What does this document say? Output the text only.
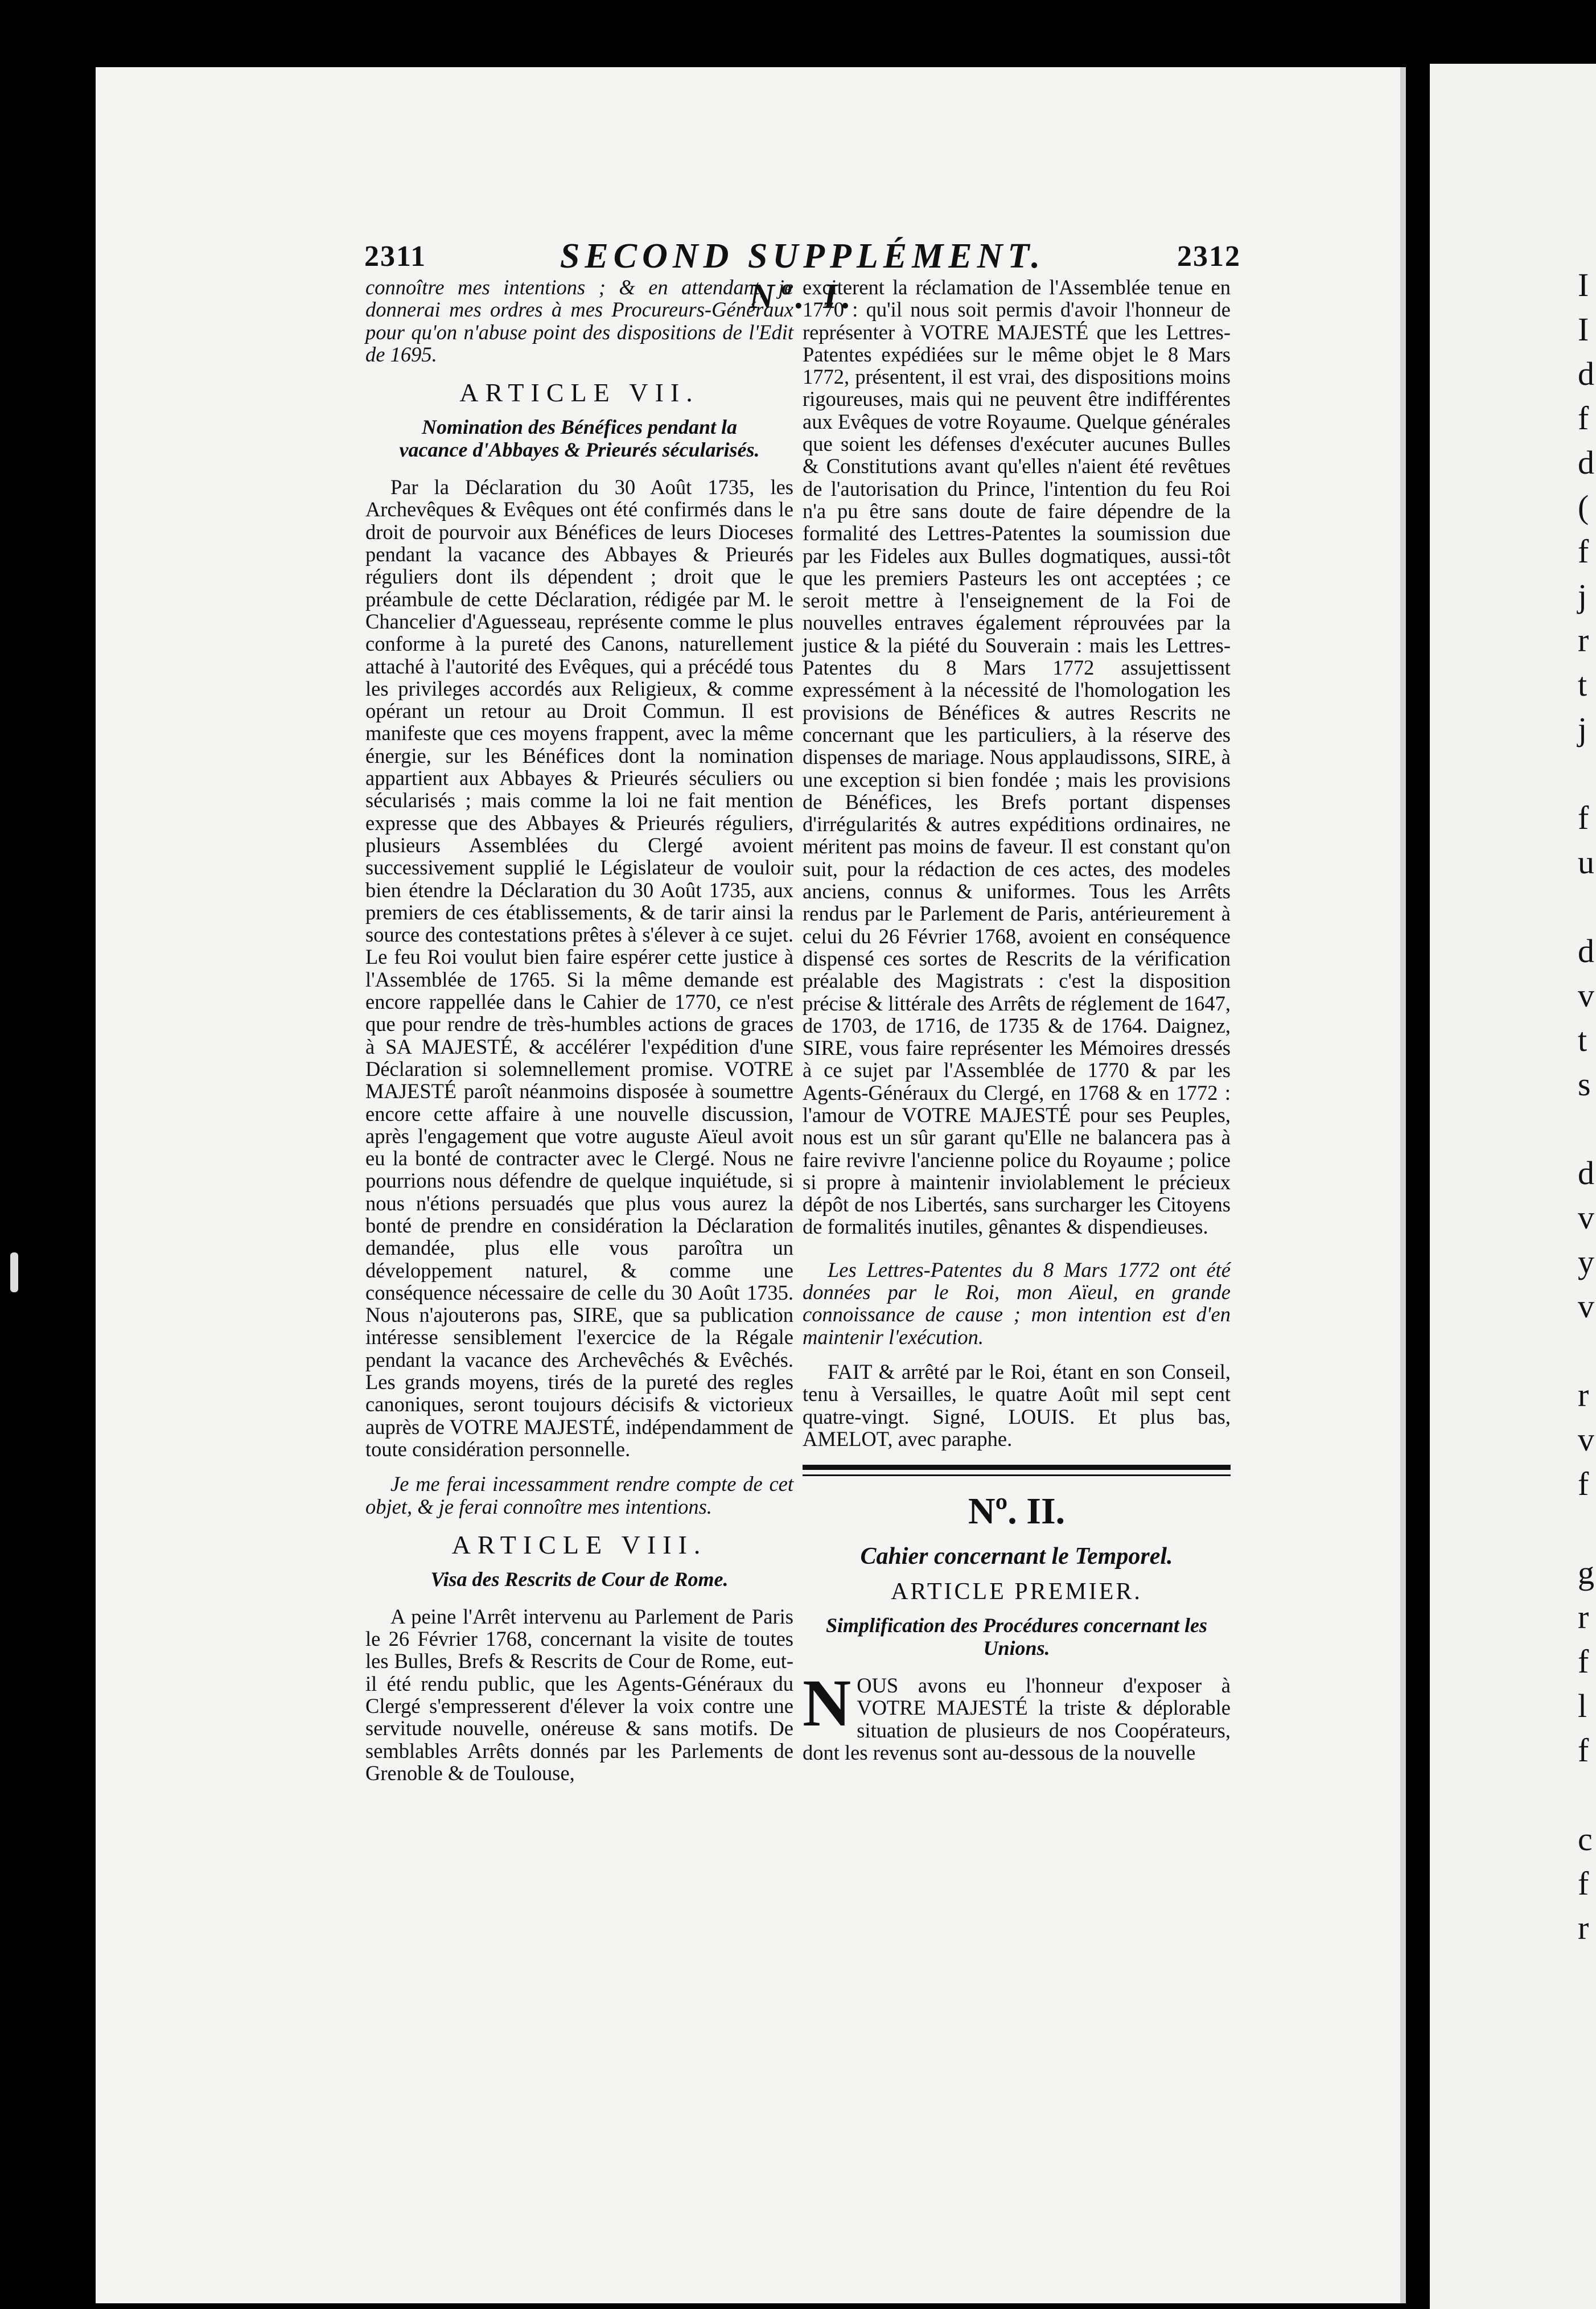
I
I
d
f
d
(
f
j
r
t
j

f
u

d
v
t
s

d
v
y
v

r
v
f

g
r
f
l
f

c
f
r
2311	SECOND SUPPLÉMENT. Nº. I.
2312

connoître mes intentions ; & en attendant, je donnerai mes ordres à mes Procureurs-Généraux pour qu'on n'abuse point des dispositions de l'Edit de 1695.

ARTICLE VII.
Nomination des Bénéfices pendant la vacance d'Abbayes & Prieurés sécularisés.

Par la Déclaration du 30 Août 1735, les Archevêques & Evêques ont été confirmés dans le droit de pourvoir aux Bénéfices de leurs Dioceses pendant la vacance des Abbayes & Prieurés réguliers dont ils dépendent ; droit que le préambule de cette Déclaration, rédigée par M. le Chancelier d'Aguesseau, représente comme le plus conforme à la pureté des Canons, naturellement attaché à l'autorité des Evêques, qui a précédé tous les privileges accordés aux Religieux, & comme opérant un retour au Droit Commun. Il est manifeste que ces moyens frappent, avec la même énergie, sur les Bénéfices dont la nomination appartient aux Abbayes & Prieurés séculiers ou sécularisés ; mais comme la loi ne fait mention expresse que des Abbayes & Prieurés réguliers, plusieurs Assemblées du Clergé avoient successivement supplié le Législateur de vouloir bien étendre la Déclaration du 30 Août 1735, aux premiers de ces établissements, & de tarir ainsi la source des contestations prêtes à s'élever à ce sujet. Le feu Roi voulut bien faire espérer cette justice à l'Assemblée de 1765. Si la même demande est encore rappellée dans le Cahier de 1770, ce n'est que pour rendre de très-humbles actions de graces à SA MAJESTÉ, & accélérer l'expédition d'une Déclaration si solemnellement promise. VOTRE MAJESTÉ paroît néanmoins disposée à soumettre encore cette affaire à une nouvelle discussion, après l'engagement que votre auguste Aïeul avoit eu la bonté de contracter avec le Clergé. Nous ne pourrions nous défendre de quelque inquiétude, si nous n'étions persuadés que plus vous aurez la bonté de prendre en considération la Déclaration demandée, plus elle vous paroîtra un développement naturel, & comme une conséquence nécessaire de celle du 30 Août 1735. Nous n'ajouterons pas, SIRE, que sa publication intéresse sensiblement l'exercice de la Régale pendant la vacance des Archevêchés & Evêchés. Les grands moyens, tirés de la pureté des regles canoniques, seront toujours décisifs & victorieux auprès de VOTRE MAJESTÉ, indépendamment de toute considération personnelle.

Je me ferai incessamment rendre compte de cet objet, & je ferai connoître mes intentions.

ARTICLE VIII.
Visa des Rescrits de Cour de Rome.

A peine l'Arrêt intervenu au Parlement de Paris le 26 Février 1768, concernant la visite de toutes les Bulles, Brefs & Rescrits de Cour de Rome, eut-il été rendu public, que les Agents-Généraux du Clergé s'empresserent d'élever la voix contre une servitude nouvelle, onéreuse & sans motifs. De semblables Arrêts donnés par les Parlements de Grenoble & de Toulouse,

exciterent la réclamation de l'Assemblée tenue en 1770 : qu'il nous soit permis d'avoir l'honneur de représenter à VOTRE MAJESTÉ que les Lettres-Patentes expédiées sur le même objet le 8 Mars 1772, présentent, il est vrai, des dispositions moins rigoureuses, mais qui ne peuvent être indifférentes aux Evêques de votre Royaume. Quelque générales que soient les défenses d'exécuter aucunes Bulles & Constitutions avant qu'elles n'aient été revêtues de l'autorisation du Prince, l'intention du feu Roi n'a pu être sans doute de faire dépendre de la formalité des Lettres-Patentes la soumission due par les Fideles aux Bulles dogmatiques, aussi-tôt que les premiers Pasteurs les ont acceptées ; ce seroit mettre à l'enseignement de la Foi de nouvelles entraves également réprouvées par la justice & la piété du Souverain : mais les Lettres-Patentes du 8 Mars 1772 assujettissent expressément à la nécessité de l'homologation les provisions de Bénéfices & autres Rescrits ne concernant que les particuliers, à la réserve des dispenses de mariage. Nous applaudissons, SIRE, à une exception si bien fondée ; mais les provisions de Bénéfices, les Brefs portant dispenses d'irrégularités & autres expéditions ordinaires, ne méritent pas moins de faveur. Il est constant qu'on suit, pour la rédaction de ces actes, des modeles anciens, connus & uniformes. Tous les Arrêts rendus par le Parlement de Paris, antérieurement à celui du 26 Février 1768, avoient en conséquence dispensé ces sortes de Rescrits de la vérification préalable des Magistrats : c'est la disposition précise & littérale des Arrêts de réglement de 1647, de 1703, de 1716, de 1735 & de 1764. Daignez, SIRE, vous faire représenter les Mémoires dressés à ce sujet par l'Assemblée de 1770 & par les Agents-Généraux du Clergé, en 1768 & en 1772 : l'amour de VOTRE MAJESTÉ pour ses Peuples, nous est un sûr garant qu'Elle ne balancera pas à faire revivre l'ancienne police du Royaume ; police si propre à maintenir inviolablement le précieux dépôt de nos Libertés, sans surcharger les Citoyens de formalités inutiles, gênantes & dispendieuses.

Les Lettres-Patentes du 8 Mars 1772 ont été données par le Roi, mon Aïeul, en grande connoissance de cause ; mon intention est d'en maintenir l'exécution.

FAIT & arrêté par le Roi, étant en son Conseil, tenu à Versailles, le quatre Août mil sept cent quatre-vingt. Signé, LOUIS. Et plus bas, AMELOT, avec paraphe.

Nº. II.
Cahier concernant le Temporel.
ARTICLE PREMIER.
Simplification des Procédures concernant les Unions.

NOUS avons eu l'honneur d'exposer à VOTRE MAJESTÉ la triste & déplorable situation de plusieurs de nos Coopérateurs, dont les revenus sont au-dessous de la nouvelle
